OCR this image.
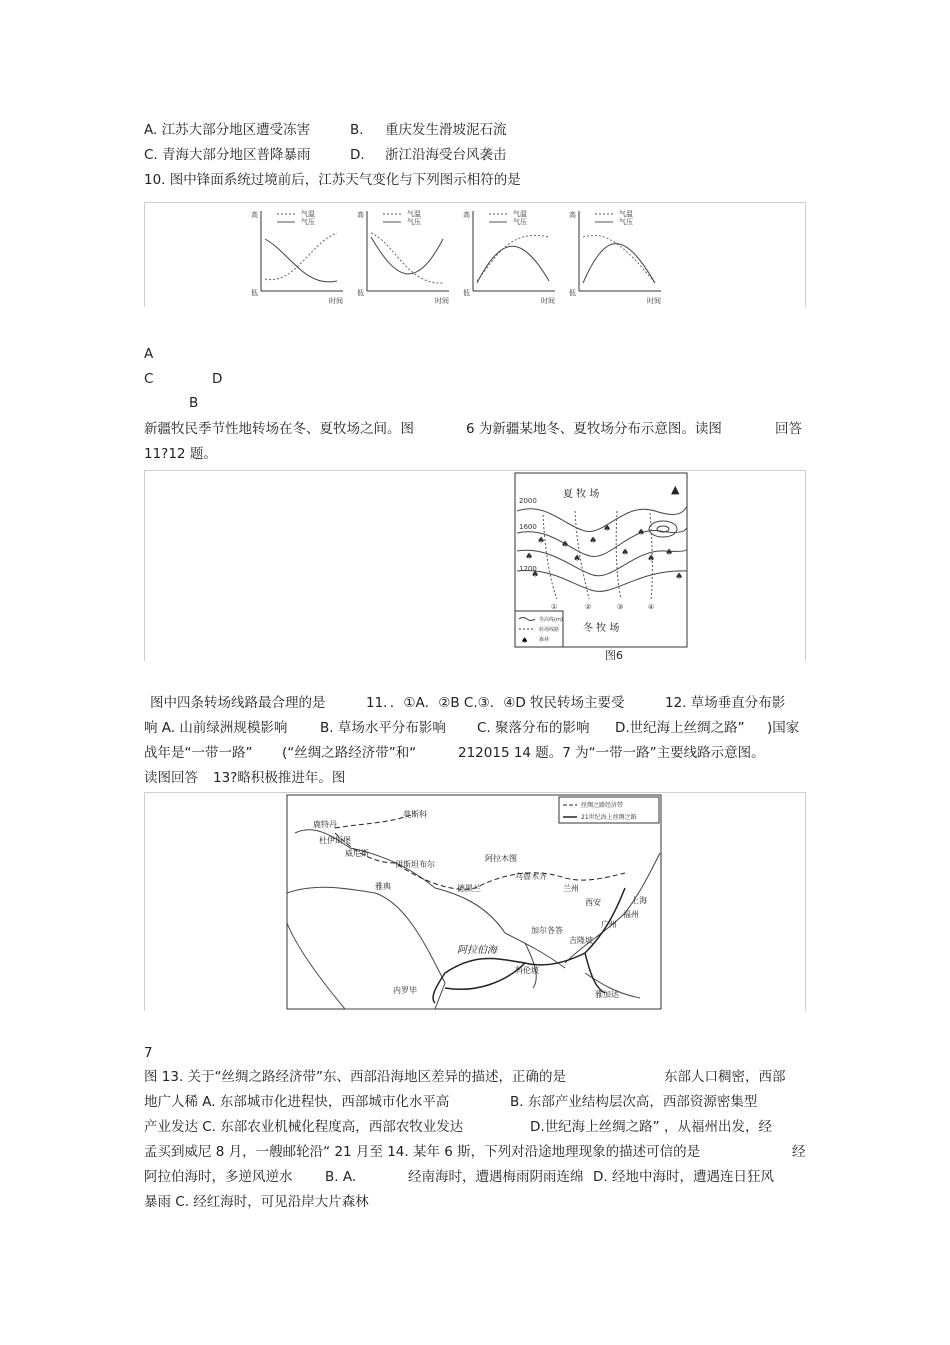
A. 江苏大部分地区遭受冻害	B. 重庆发生滑坡泥石流
C. 青海大部分地区普降暴雨	D. 浙江沿海受台风袭击
10. 图中锋面系统过境前后，江苏天气变化与下列图示相符的是
高
低
时间
气温
气压
高
低
时间
气温
气压
高
低
时间
气温
气压
高
低
时间
气温
气压
A
C	D
B
新疆牧民季节性地转场在冬、夏牧场之间。图	6 为新疆某地冬、夏牧场分布示意图。读图	回答
11?12 题。
夏 牧 场	▲
2000
1600
1200
♠
♠
♠
♠
♠
♠
♠
♠
♠
♠
♠
♠
①	②	③	④
等高线(m)
转场线路
♠ 森林
冬 牧 场
图6
图中四条转场线路最合理的是	11．．①A．②B C.③．④D 牧民转场主要受	12. 草场垂直分布影
响 A. 山前绿洲规模影响 B. 草场水平分布影响 C. 聚落分布的影响 D.世纪海上丝绸之路” )国家
战年是“一带一路” (“丝绸之路经济带”和“	212015 14 题。7 为“一带一路”主要线路示意图。
读图回答 13?略积极推进年。图
丝绸之路经济带
21世纪海上丝绸之路
莫斯科
鹿特丹
杜伊斯堡
威尼斯
伊斯坦布尔
雅典	德黑兰
阿拉木图
乌鲁木齐
兰州
西安	上海
福州
广州
加尔各答
阿拉伯海
科伦坡
吉隆坡
雅加达
内罗毕
7
图 13. 关于“丝绸之路经济带”东、西部沿海地区差异的描述，正确的是	东部人口稠密，西部
地广人稀 A. 东部城市化进程快，西部城市化水平高	B. 东部产业结构层次高，西部资源密集型
产业发达 C. 东部农业机械化程度高，西部农牧业发达	D.世纪海上丝绸之路” ，从福州出发，经
孟买到威尼 8 月，一艘邮轮沿“ 21 月至 14. 某年 6 斯，下列对沿途地理现象的描述可信的是	经
阿拉伯海时，多逆风逆水 B. A.	经南海时，遭遇梅雨阴雨连绵 D. 经地中海时，遭遇连日狂风
暴雨 C. 经红海时，可见沿岸大片森林
